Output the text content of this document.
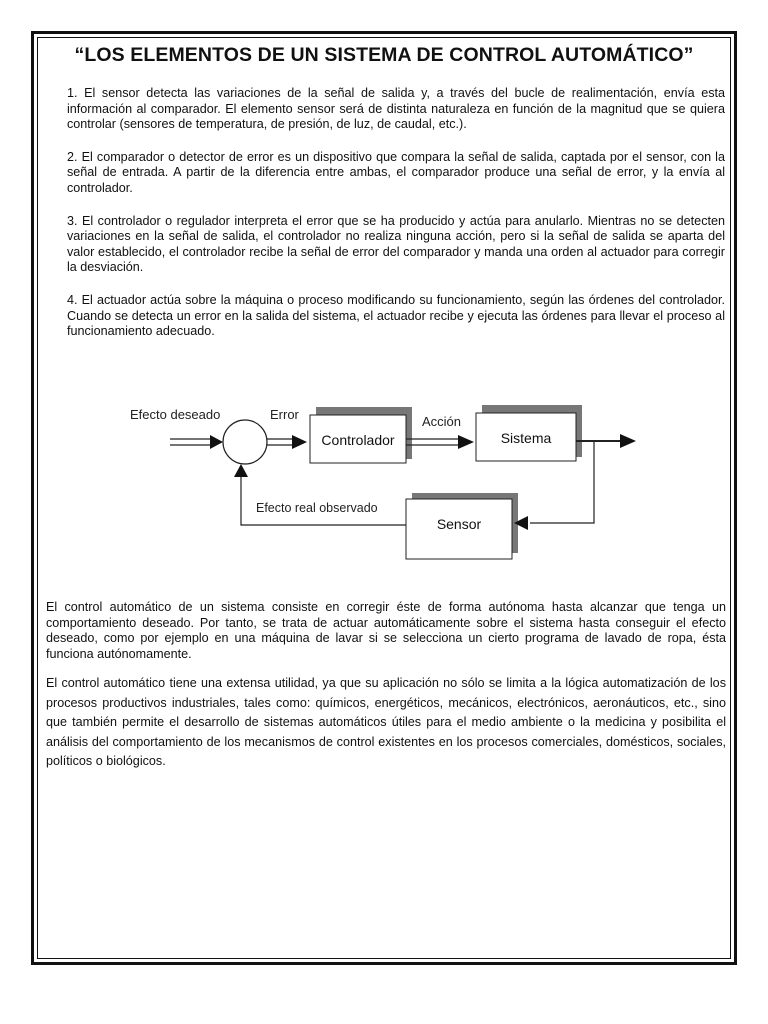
“LOS ELEMENTOS DE UN SISTEMA DE CONTROL AUTOMÁTICO”

1. El sensor detecta las variaciones de la señal de salida y, a través del bucle de realimentación, envía esta información al comparador. El elemento sensor será de distinta naturaleza en función de la magnitud que se quiera controlar (sensores de temperatura, de presión, de luz, de caudal, etc.).

2. El comparador o detector de error es un dispositivo que compara la señal de salida, captada por el sensor, con la señal de entrada. A partir de la diferencia entre ambas, el comparador produce una señal de error, y la envía al controlador.

3. El controlador o regulador interpreta el error que se ha producido y actúa para anularlo. Mientras no se detecten variaciones en la señal de salida, el controlador no realiza ninguna acción, pero si la señal de salida se aparta del valor establecido, el controlador recibe la señal de error del comparador y manda una orden al actuador para corregir la desviación.

4. El actuador actúa sobre la máquina o proceso modificando su funcionamiento, según las órdenes del controlador. Cuando se detecta un error en la salida del sistema, el actuador recibe y ejecuta las órdenes para llevar el proceso al funcionamiento adecuado.

Efecto deseado	Error	Acción
Efecto real observado
Controlador	Sistema
Sensor

El control automático de un sistema consiste en corregir éste de forma autónoma hasta alcanzar que tenga un comportamiento deseado. Por tanto, se trata de actuar automáticamente sobre el sistema hasta conseguir el efecto deseado, como por ejemplo en una máquina de lavar si se selecciona un cierto programa de lavado de ropa, ésta funciona autónomamente.

El control automático tiene una extensa utilidad, ya que su aplicación no sólo se limita a la lógica automatización de los procesos productivos industriales, tales como: químicos, energéticos, mecánicos, electrónicos, aeronáuticos, etc., sino que también permite el desarrollo de sistemas automáticos útiles para el medio ambiente o la medicina y posibilita el análisis del comportamiento de los mecanismos de control existentes en los procesos comerciales, domésticos, sociales, políticos o biológicos.
